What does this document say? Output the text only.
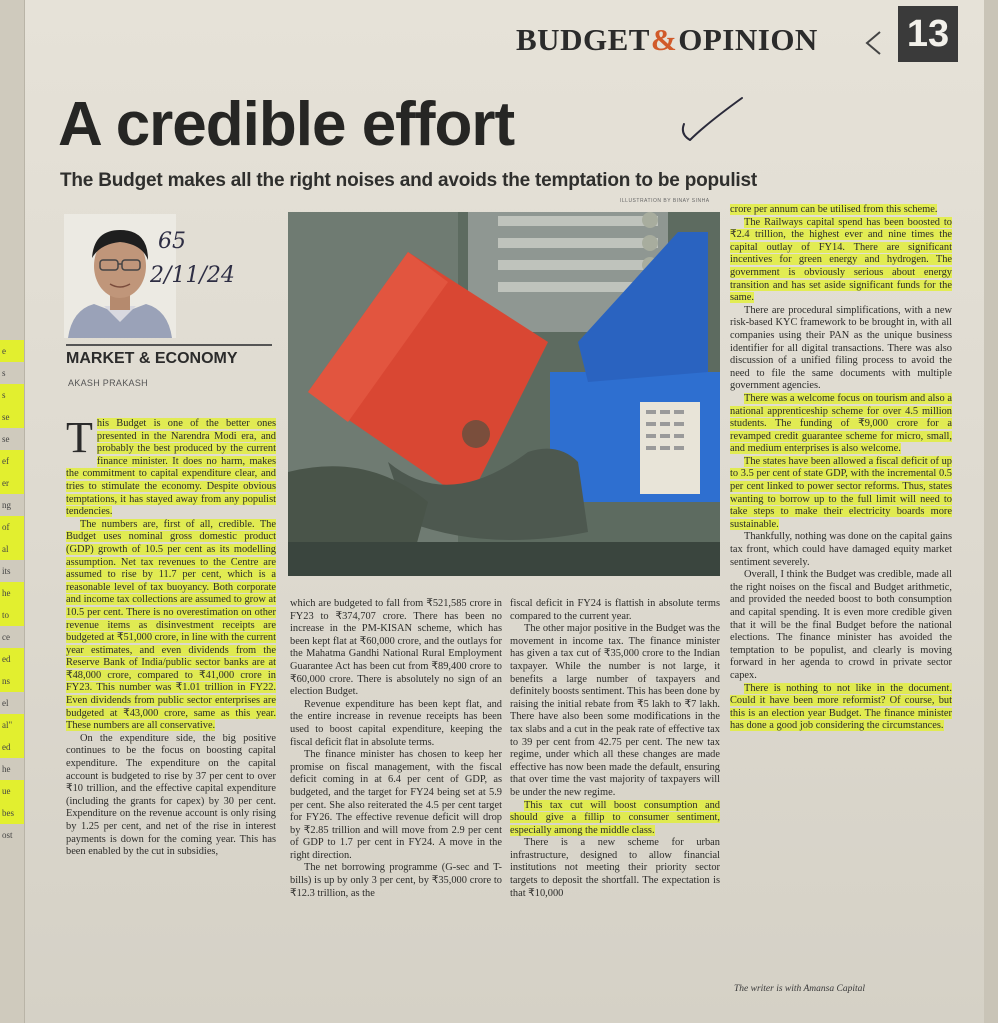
e
s
s
se
se
ef
er
ng
of
al
its
he
to
ce
ed
ns
el
al"
ed
he
ue
bes
ost
BUDGET & OPINION 13
A credible effort
The Budget makes all the right noises and avoids the temptation to be populist
ILLUSTRATION BY BINAY SINHA
65
2/11/24
MARKET & ECONOMY
AKASH PRAKASH

This Budget is one of the better ones presented in the Narendra Modi era, and probably the best produced by the current finance minister. It does no harm, makes the commitment to capital expenditure clear, and tries to stimulate the economy. Despite obvious temptations, it has stayed away from any populist tendencies.

The numbers are, first of all, credible. The Budget uses nominal gross domestic product (GDP) growth of 10.5 per cent as its modelling assumption. Net tax revenues to the Centre are assumed to rise by 11.7 per cent, which is a reasonable level of tax buoyancy. Both corporate and income tax collections are assumed to grow at 10.5 per cent. There is no overestimation on other revenue items as disinvestment receipts are budgeted at ₹51,000 crore, in line with the current year estimates, and even dividends from the Reserve Bank of India/public sector banks are at ₹48,000 crore, compared to ₹41,000 crore in FY23. This number was ₹1.01 trillion in FY22. Even dividends from public sector enterprises are budgeted at ₹43,000 crore, same as this year. These numbers are all conservative.

On the expenditure side, the big positive continues to be the focus on boosting capital expenditure. The expenditure on the capital account is budgeted to rise by 37 per cent to over ₹10 trillion, and the effective capital expenditure (including the grants for capex) by 30 per cent. Expenditure on the revenue account is only rising by 1.25 per cent, and net of the rise in interest payments is down for the coming year. This has been enabled by the cut in subsidies,

which are budgeted to fall from ₹521,585 crore in FY23 to ₹374,707 crore. There has been no increase in the PM-KISAN scheme, which has been kept flat at ₹60,000 crore, and the outlays for the Mahatma Gandhi National Rural Employment Guarantee Act has been cut from ₹89,400 crore to ₹60,000 crore. There is absolutely no sign of an election Budget.

Revenue expenditure has been kept flat, and the entire increase in revenue receipts has been used to boost capital expenditure, keeping the fiscal deficit flat in absolute terms.

The finance minister has chosen to keep her promise on fiscal management, with the fiscal deficit coming in at 6.4 per cent of GDP, as budgeted, and the target for FY24 being set at 5.9 per cent. She also reiterated the 4.5 per cent target for FY26. The effective revenue deficit will drop by ₹2.85 trillion and will move from 2.9 per cent of GDP to 1.7 per cent in FY24. A move in the right direction.

The net borrowing programme (G-sec and T-bills) is up by only 3 per cent, by ₹35,000 crore to ₹12.3 trillion, as the

fiscal deficit in FY24 is flattish in absolute terms compared to the current year.

The other major positive in the Budget was the movement in income tax. The finance minister has given a tax cut of ₹35,000 crore to the Indian taxpayer. While the number is not large, it benefits a large number of taxpayers and definitely boosts sentiment. This has been done by raising the initial rebate from ₹5 lakh to ₹7 lakh. There have also been some modifications in the tax slabs and a cut in the peak rate of effective tax to 39 per cent from 42.75 per cent. The new tax regime, under which all these changes are made effective has now been made the default, ensuring that over time the vast majority of taxpayers will be under the new regime.

This tax cut will boost consumption and should give a fillip to consumer sentiment, especially among the middle class.

There is a new scheme for urban infrastructure, designed to allow financial institutions not meeting their priority sector targets to deposit the shortfall. The expectation is that ₹10,000

crore per annum can be utilised from this scheme.

The Railways capital spend has been boosted to ₹2.4 trillion, the highest ever and nine times the capital outlay of FY14. There are significant incentives for green energy and hydrogen. The government is obviously serious about energy transition and has set aside significant funds for the same.

There are procedural simplifications, with a new risk-based KYC framework to be brought in, with all companies using their PAN as the unique business identifier for all digital transactions. There was also discussion of a unified filing process to avoid the need to file the same documents with multiple government agencies.

There was a welcome focus on tourism and also a national apprenticeship scheme for over 4.5 million students. The funding of ₹9,000 crore for a revamped credit guarantee scheme for micro, small, and medium enterprises is also welcome.

The states have been allowed a fiscal deficit of up to 3.5 per cent of state GDP, with the incremental 0.5 per cent linked to power sector reforms. Thus, states wanting to borrow up to the full limit will need to take steps to make their electricity boards more sustainable.

Thankfully, nothing was done on the capital gains tax front, which could have damaged equity market sentiment severely.

Overall, I think the Budget was credible, made all the right noises on the fiscal and Budget arithmetic, and provided the needed boost to both consumption and capital spending. It is even more credible given that it will be the final Budget before the national elections. The finance minister has avoided the temptation to be populist, and clearly is moving forward in her agenda to crowd in private sector capex.

There is nothing to not like in the document. Could it have been more reformist? Of course, but this is an election year Budget. The finance minister has done a good job considering the circumstances.

The writer is with Amansa Capital
